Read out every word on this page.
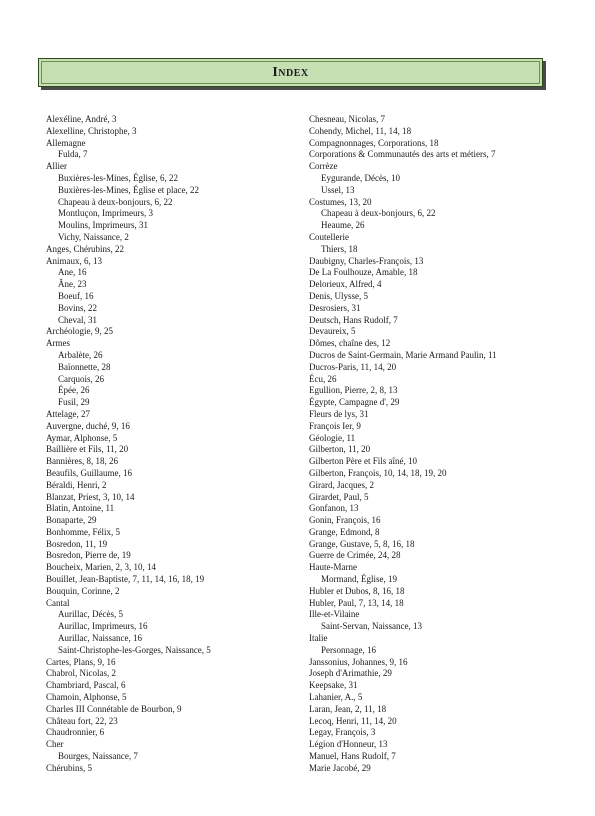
Index
Alexéline, André, 3
Alexelline, Christophe, 3
Allemagne
Fulda, 7
Allier
Buxières-les-Mines, Église, 6, 22
Buxières-les-Mines, Église et place, 22
Chapeau à deux-bonjours, 6, 22
Montluçon, Imprimeurs, 3
Moulins, Imprimeurs, 31
Vichy, Naissance, 2
Anges, Chérubins, 22
Animaux, 6, 13
Ane, 16
Âne, 23
Boeuf, 16
Bovins, 22
Cheval, 31
Archéologie, 9, 25
Armes
Arbalète, 26
Baïonnette, 28
Carquois, 26
Épée, 26
Fusil, 29
Attelage, 27
Auvergne, duché, 9, 16
Aymar, Alphonse, 5
Baillière et Fils, 11, 20
Bannières, 8, 18, 26
Beaufils, Guillaume, 16
Béraldi, Henri, 2
Blanzat, Priest, 3, 10, 14
Blatin, Antoine, 11
Bonaparte, 29
Bonhomme, Félix, 5
Bosredon, 11, 19
Bosredon, Pierre de, 19
Boucheix, Marien, 2, 3, 10, 14
Bouillet, Jean-Baptiste, 7, 11, 14, 16, 18, 19
Bouquin, Corinne, 2
Cantal
Aurillac, Décès, 5
Aurillac, Imprimeurs, 16
Aurillac, Naissance, 16
Saint-Christophe-les-Gorges, Naissance, 5
Cartes, Plans, 9, 16
Chabrol, Nicolas, 2
Chambriard, Pascal, 6
Chamoin, Alphonse, 5
Charles III Connétable de Bourbon, 9
Château fort, 22, 23
Chaudronnier, 6
Cher
Bourges, Naissance, 7
Chérubins, 5
Chesneau, Nicolas, 7
Cohendy, Michel, 11, 14, 18
Compagnonnages, Corporations, 18
Corporations & Communautés des arts et métiers, 7
Corrèze
Eygurande, Décès, 10
Ussel, 13
Costumes, 13, 20
Chapeau à deux-bonjours, 6, 22
Heaume, 26
Coutellerie
Thiers, 18
Daubigny, Charles-François, 13
De La Foulhouze, Amable, 18
Delorieux, Alfred, 4
Denis, Ulysse, 5
Desrosiers, 31
Deutsch, Hans Rudolf, 7
Devaureix, 5
Dômes, chaîne des, 12
Ducros de Saint-Germain, Marie Armand Paulin, 11
Ducros-Paris, 11, 14, 20
Écu, 26
Egullion, Pierre, 2, 8, 13
Égypte, Campagne d', 29
Fleurs de lys, 31
François Ier, 9
Géologie, 11
Gilberton, 11, 20
Gilberton Père et Fils aîné, 10
Gilberton, François, 10, 14, 18, 19, 20
Girard, Jacques, 2
Girardet, Paul, 5
Gonfanon, 13
Gonin, François, 16
Grange, Edmond, 8
Grange, Gustave, 5, 8, 16, 18
Guerre de Crimée, 24, 28
Haute-Marne
Mormand, Église, 19
Hubler et Dubos, 8, 16, 18
Hubler, Paul, 7, 13, 14, 18
Ille-et-Vilaine
Saint-Servan, Naissance, 13
Italie
Personnage, 16
Janssonius, Johannes, 9, 16
Joseph d'Arimathie, 29
Keepsake, 31
Lahanier, A., 5
Laran, Jean, 2, 11, 18
Lecoq, Henri, 11, 14, 20
Legay, François, 3
Légion d'Honneur, 13
Manuel, Hans Rudolf, 7
Marie Jacobé, 29
